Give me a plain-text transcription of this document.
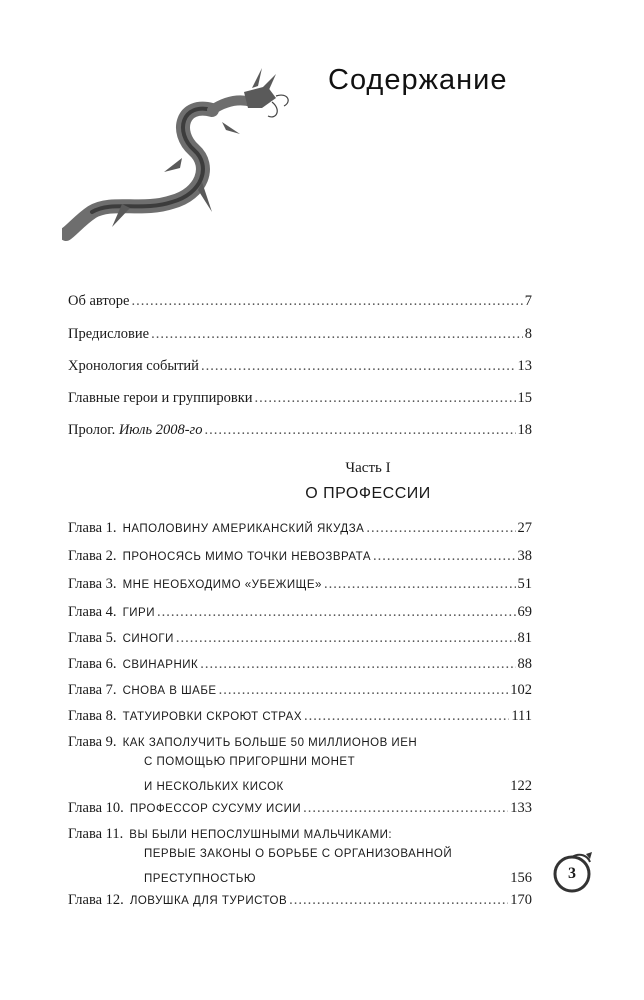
Содержание
Об авторе .....	7
Предисловие .....	8
Хронология событий .....	13
Главные герои и группировки .....	15
Пролог. Июль 2008-го .....	18
Часть I
О ПРОФЕССИИ
Глава 1. НАПОЛОВИНУ АМЕРИКАНСКИЙ ЯКУДЗА .....	27
Глава 2. ПРОНОСЯСЬ МИМО ТОЧКИ НЕВОЗВРАТА .....	38
Глава 3. МНЕ НЕОБХОДИМО «УБЕЖИЩЕ» .....	51
Глава 4. ГИРИ .....	69
Глава 5. СИНОГИ .....	81
Глава 6. СВИНАРНИК .....	88
Глава 7. СНОВА В ШАБЕ .....	102
Глава 8. ТАТУИРОВКИ СКРОЮТ СТРАХ .....	111
Глава 9. КАК ЗАПОЛУЧИТЬ БОЛЬШЕ 50 МИЛЛИОНОВ ИЕН
С ПОМОЩЬЮ ПРИГОРШНИ МОНЕТ
И НЕСКОЛЬКИХ КИСОК	122
Глава 10. ПРОФЕССОР СУСУМУ ИСИИ .....	133
Глава 11. ВЫ БЫЛИ НЕПОСЛУШНЫМИ МАЛЬЧИКАМИ:
ПЕРВЫЕ ЗАКОНЫ О БОРЬБЕ С ОРГАНИЗОВАННОЙ
ПРЕСТУПНОСТЬЮ	156
Глава 12. ЛОВУШКА ДЛЯ ТУРИСТОВ .....	170
3
